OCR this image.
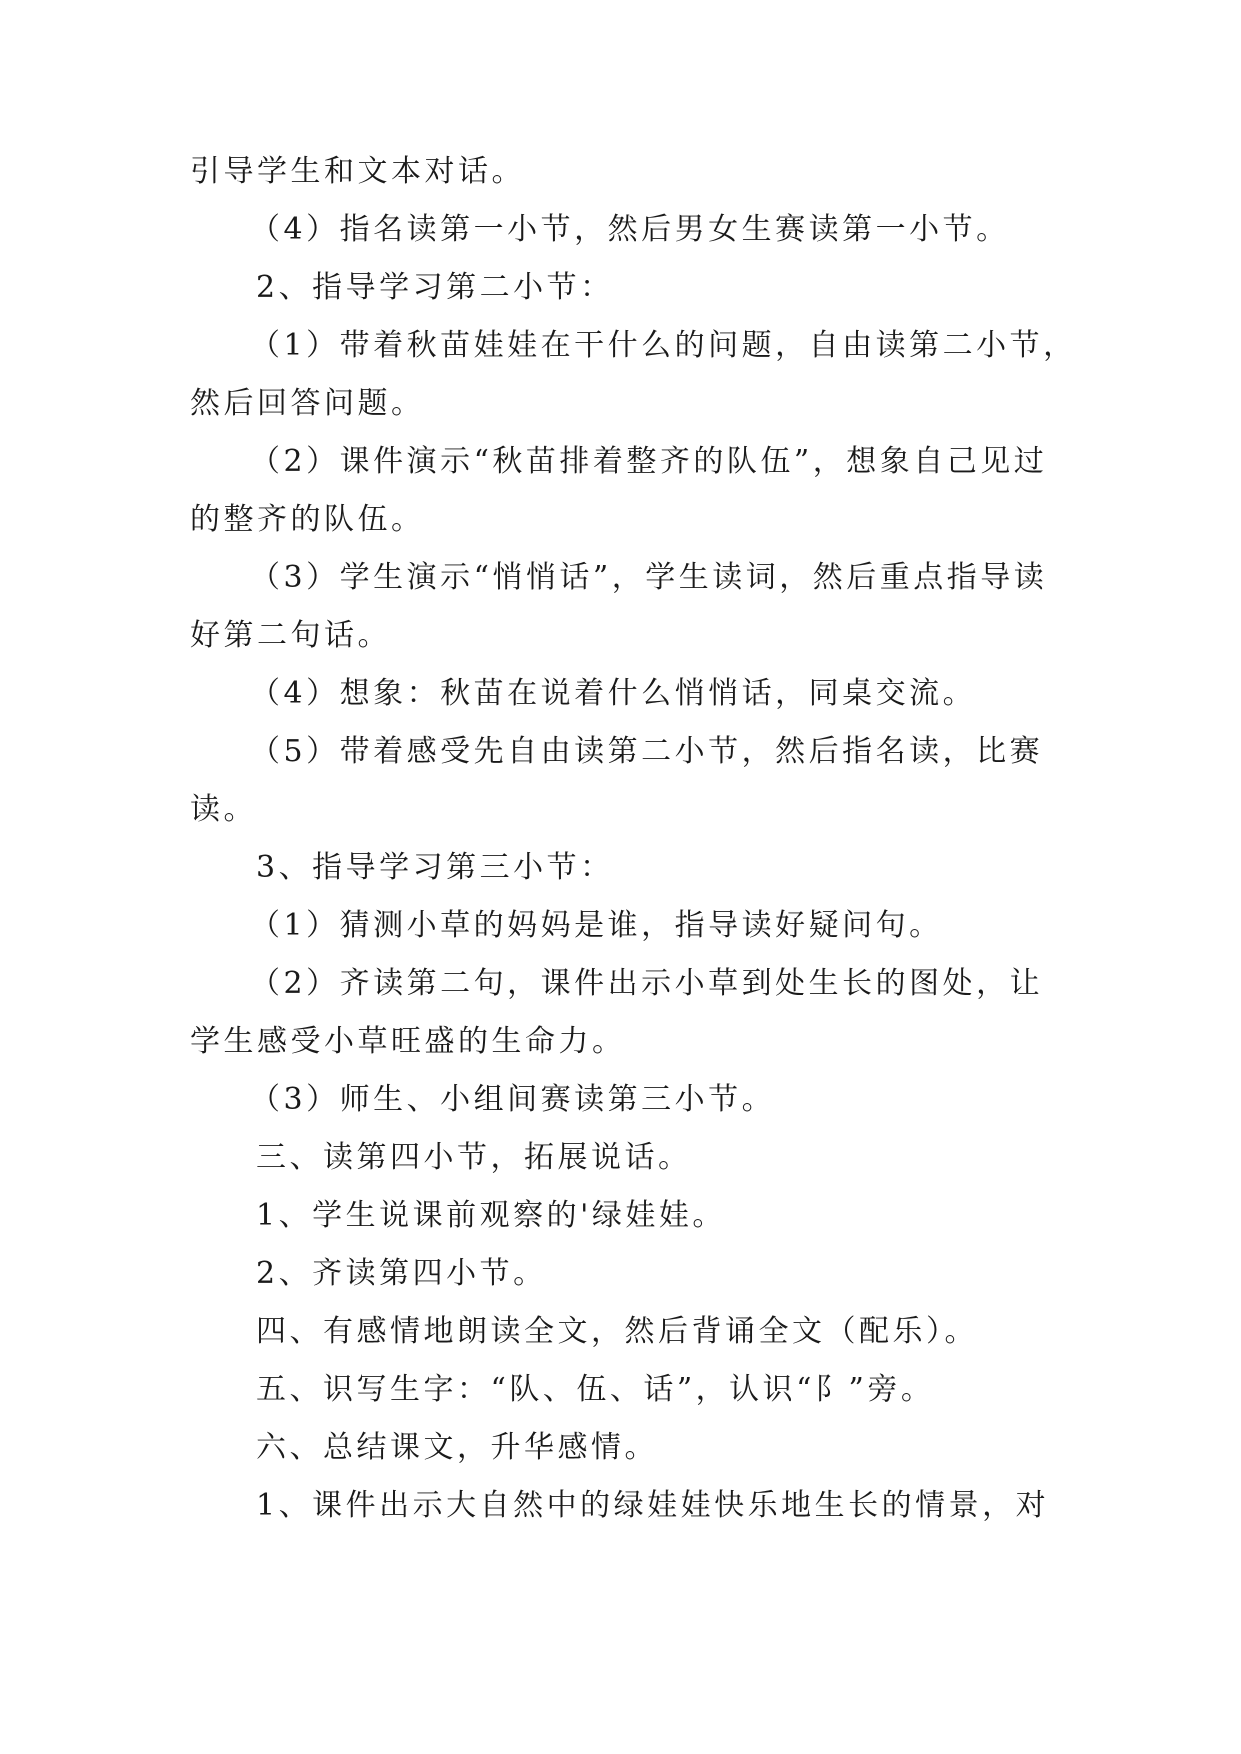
引导学生和文本对话。
（4）指名读第一小节，然后男女生赛读第一小节。
2、指导学习第二小节：
（1）带着秋苗娃娃在干什么的问题，自由读第二小节，
然后回答问题。
（2）课件演示“秋苗排着整齐的队伍”，想象自己见过
的整齐的队伍。
（3）学生演示“悄悄话”，学生读词，然后重点指导读
好第二句话。
（4）想象：秋苗在说着什么悄悄话，同桌交流。
（5）带着感受先自由读第二小节，然后指名读，比赛
读。
3、指导学习第三小节：
（1）猜测小草的妈妈是谁，指导读好疑问句。
（2）齐读第二句，课件出示小草到处生长的图处，让
学生感受小草旺盛的生命力。
（3）师生、小组间赛读第三小节。
三、读第四小节，拓展说话。
1、学生说课前观察的'绿娃娃。
2、齐读第四小节。
四、有感情地朗读全文，然后背诵全文（配乐）。
五、识写生字：“队、伍、话”，认识“阝”旁。
六、总结课文，升华感情。
1、课件出示大自然中的绿娃娃快乐地生长的情景，对
